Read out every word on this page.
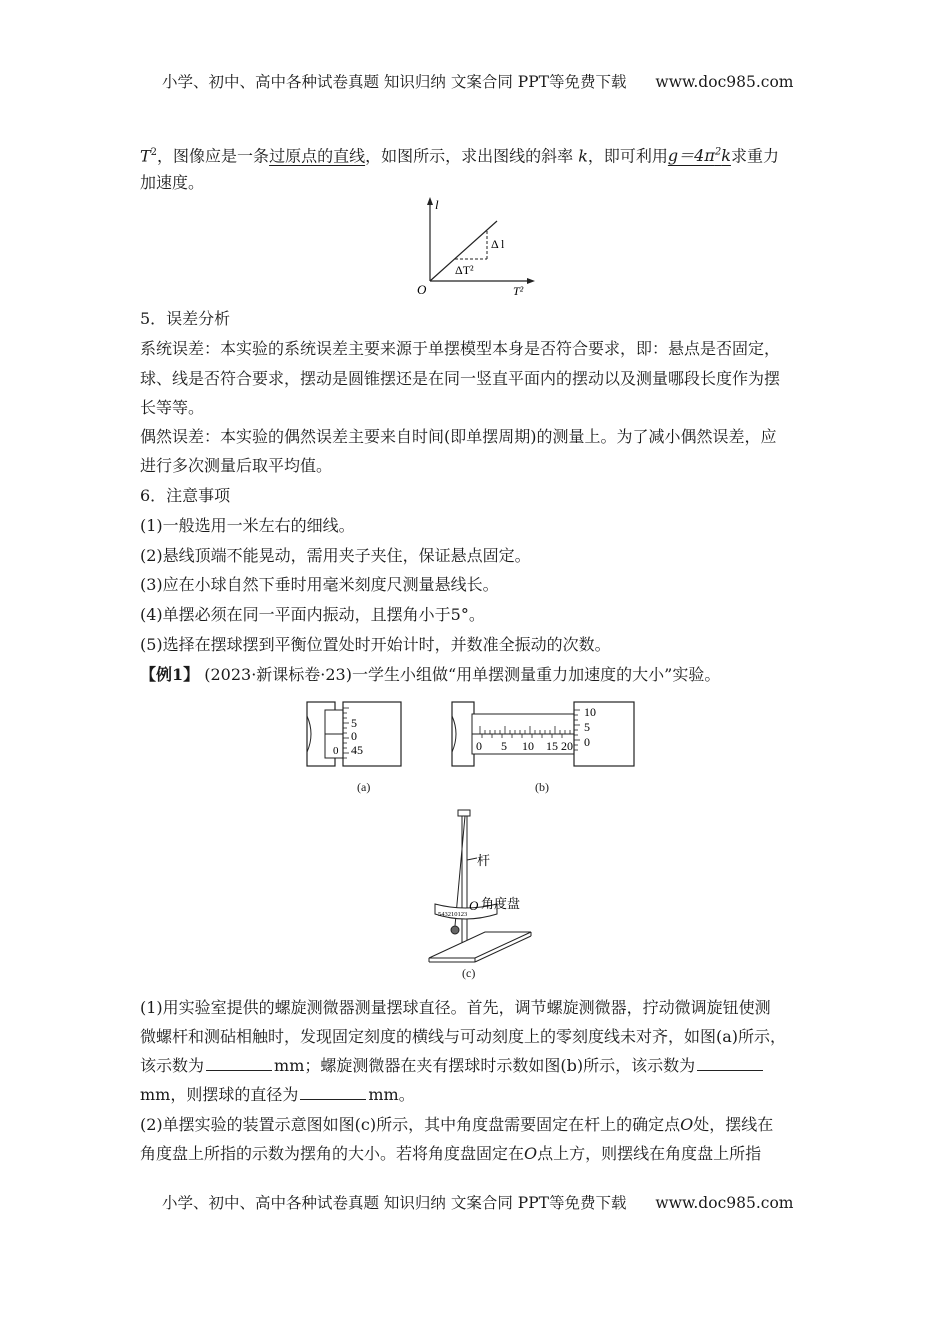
小学、初中、高中各种试卷真题 知识归纳 文案合同 PPT等免费下载 www.doc985.com
$T^2$，图像应是一条过原点的直线，如图所示，求出图线的斜率 k，即可利用$g=4\pi^2k$求重力
加速度。
l
T²
O
Δ l
ΔT²
5．误差分析
系统误差：本实验的系统误差主要来源于单摆模型本身是否符合要求，即：悬点是否固定，
球、线是否符合要求，摆动是圆锥摆还是在同一竖直平面内的摆动以及测量哪段长度作为摆
长等等。
偶然误差：本实验的偶然误差主要来自时间(即单摆周期)的测量上。为了减小偶然误差，应
进行多次测量后取平均值。
6．注意事项
(1)一般选用一米左右的细线。
(2)悬线顶端不能晃动，需用夹子夹住，保证悬点固定。
(3)应在小球自然下垂时用毫米刻度尺测量悬线长。
(4)单摆必须在同一平面内振动，且摆角小于5°。
(5)选择在摆球摆到平衡位置处时开始计时，并数准全振动的次数。
【例1】 (2023·新课标卷·23)一学生小组做“用单摆测量重力加速度的大小”实验。
5
0
45
0
(a)
0 5 10 15 20
10
5
0
(b)
543210123
杆
O 角度盘
(c)
(1)用实验室提供的螺旋测微器测量摆球直径。首先，调节螺旋测微器，拧动微调旋钮使测
微螺杆和测砧相触时，发现固定刻度的横线与可动刻度上的零刻度线未对齐，如图(a)所示，
该示数为	mm；螺旋测微器在夹有摆球时示数如图(b)所示，该示数为
mm，则摆球的直径为	mm。
(2)单摆实验的装置示意图如图(c)所示，其中角度盘需要固定在杆上的确定点O处，摆线在
角度盘上所指的示数为摆角的大小。若将角度盘固定在O点上方，则摆线在角度盘上所指
小学、初中、高中各种试卷真题 知识归纳 文案合同 PPT等免费下载 www.doc985.com
